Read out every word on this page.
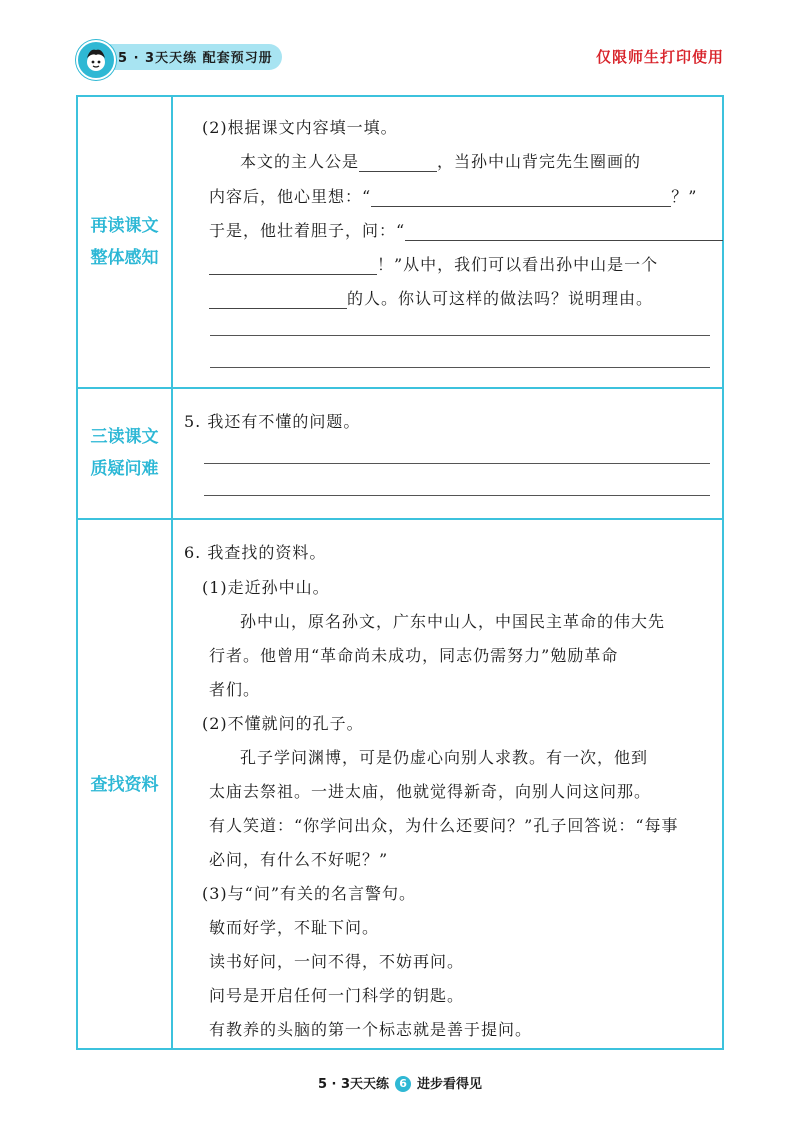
5 · 3天天练 配套预习册	仅限师生打印使用
再读课文
整体感知
(2)根据课文内容填一填。
本文的主人公是	，当孙中山背完先生圈画的
内容后，他心里想：“	？”
于是，他壮着胆子，问：“
！”从中，我们可以看出孙中山是一个
的人。你认可这样的做法吗？说明理由。
三读课文
质疑问难
5. 我还有不懂的问题。
查找资料
6. 我查找的资料。
(1)走近孙中山。
孙中山，原名孙文，广东中山人，中国民主革命的伟大先
行者。他曾用“革命尚未成功，同志仍需努力”勉励革命
者们。
(2)不懂就问的孔子。
孔子学问渊博，可是仍虚心向别人求教。有一次，他到
太庙去祭祖。一进太庙，他就觉得新奇，向别人问这问那。
有人笑道：“你学问出众，为什么还要问？”孔子回答说：“每事
必问，有什么不好呢？”
(3)与“问”有关的名言警句。
敏而好学，不耻下问。
读书好问，一问不得，不妨再问。
问号是开启任何一门科学的钥匙。
有教养的头脑的第一个标志就是善于提问。
5 · 3天天练 6 进步看得见
